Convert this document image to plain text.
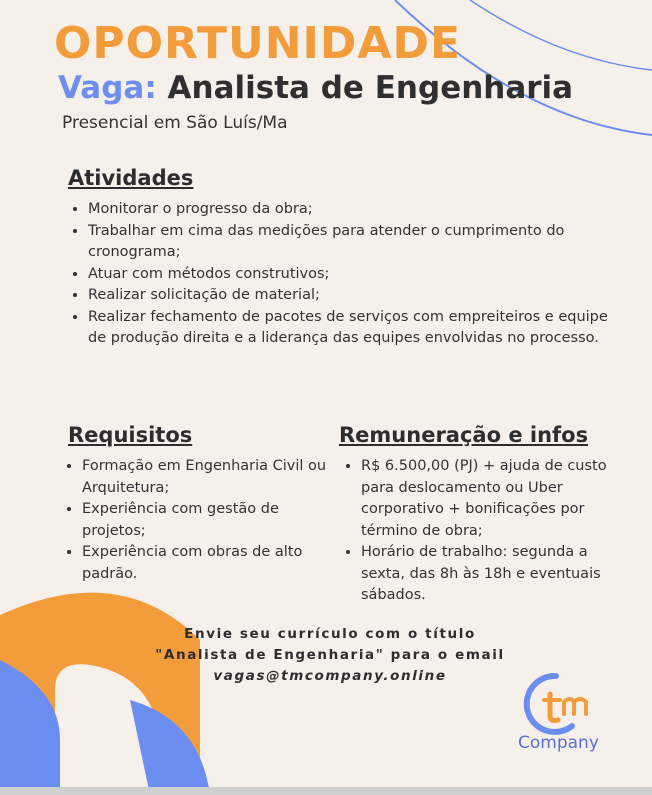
OPORTUNIDADE
Vaga: Analista de Engenharia
Presencial em São Luís/Ma
Atividades
• Monitorar o progresso da obra;
• Trabalhar em cima das medições para atender o cumprimento do cronograma;
• Atuar com métodos construtivos;
• Realizar solicitação de material;
• Realizar fechamento de pacotes de serviços com empreiteiros e equipe de produção direita e a liderança das equipes envolvidas no processo.
Requisitos
• Formação em Engenharia Civil ou Arquitetura;
• Experiência com gestão de projetos;
• Experiência com obras de alto padrão.
Remuneração e infos
• R$ 6.500,00 (PJ) + ajuda de custo para deslocamento ou Uber corporativo + bonificações por término de obra;
• Horário de trabalho: segunda a sexta, das 8h às 18h e eventuais sábados.
Envie seu currículo com o título
"Analista de Engenharia" para o email
vagas@tmcompany.online
Company
